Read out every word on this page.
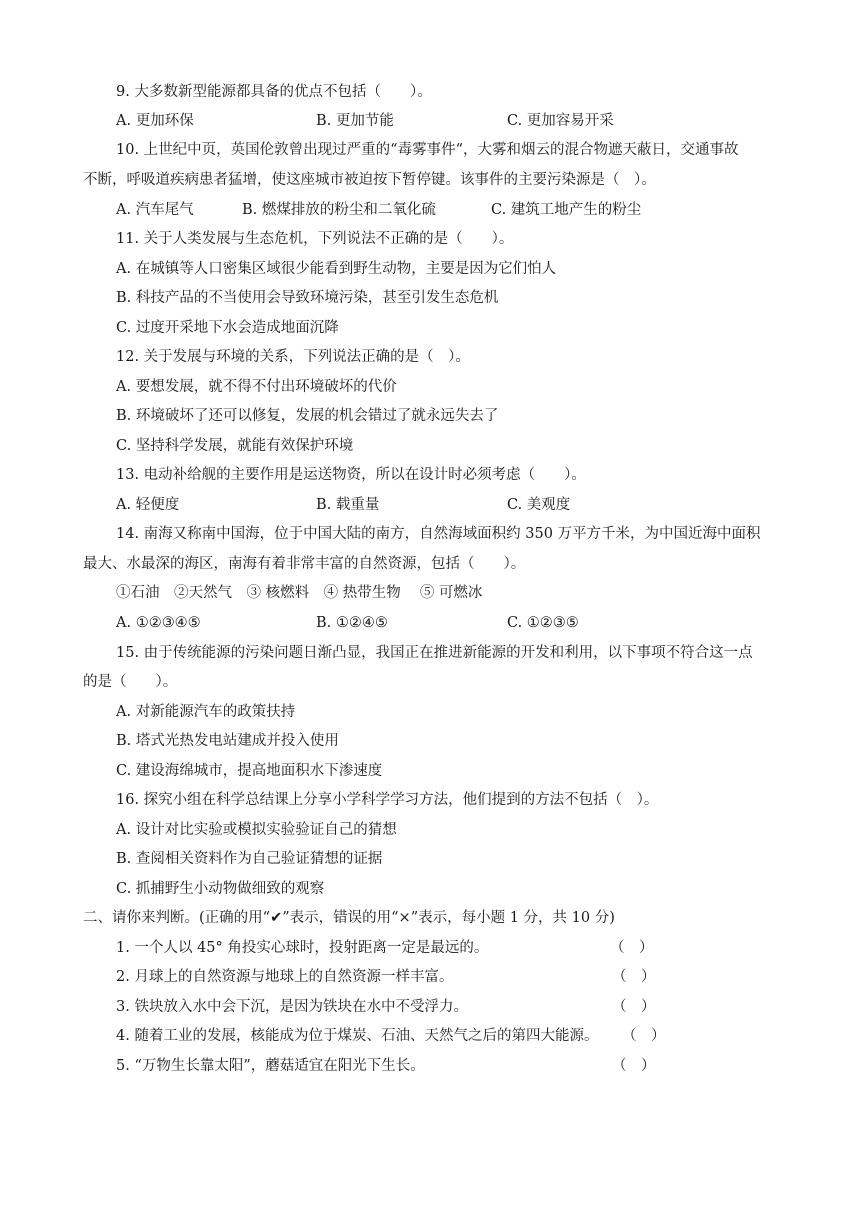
9. 大多数新型能源都具备的优点不包括（　　）。
A. 更加环保	B. 更加节能	C. 更加容易开采
10. 上世纪中页，英国伦敦曾出现过严重的“毒雾事件“，大雾和烟云的混合物遮天蔽日，交通事故
不断，呼吸道疾病患者猛增，使这座城市被迫按下暂停键。该事件的主要污染源是（　）。
A. 汽车尾气	B. 燃煤排放的粉尘和二氧化硫	C. 建筑工地产生的粉尘
11. 关于人类发展与生态危机，下列说法不正确的是（　　）。
A. 在城镇等人口密集区域很少能看到野生动物，主要是因为它们怕人
B. 科技产品的不当使用会导致环境污染，甚至引发生态危机
C. 过度开采地下水会造成地面沉降
12. 关于发展与环境的关系，下列说法正确的是（　）。
A. 要想发展，就不得不付出环境破坏的代价
B. 环境破坏了还可以修复，发展的机会错过了就永远失去了
C. 坚持科学发展，就能有效保护环境
13. 电动补给舰的主要作用是运送物资，所以在设计时必须考虑（　　）。
A. 轻便度	B. 载重量	C. 美观度
14. 南海又称南中国海，位于中国大陆的南方，自然海域面积约 350 万平方千米，为中国近海中面积
最大、水最深的海区，南海有着非常丰富的自然资源，包括（　　）。
①石油　②天然气　③ 核燃料　④ 热带生物　 ⑤ 可燃冰
A. ①②③④⑤	B. ①②④⑤	C. ①②③⑤
15. 由于传统能源的污染问题日渐凸显，我国正在推进新能源的开发和利用，以下事项不符合这一点
的是（　　）。
A. 对新能源汽车的政策扶持
B. 塔式光热发电站建成并投入使用
C. 建设海绵城市，提高地面积水下渗速度
16. 探究小组在科学总结课上分享小学科学学习方法，他们提到的方法不包括（　）。
A. 设计对比实验或模拟实验验证自己的猜想
B. 查阅相关资料作为自己验证猜想的证据
C. 抓捕野生小动物做细致的观察
二、请你来判断。(正确的用“✔”表示，错误的用“×”表示，每小题 1 分，共 10 分)
1. 一个人以 45° 角投实心球时，投射距离一定是最远的。	（　）
2. 月球上的自然资源与地球上的自然资源一样丰富。	（　）
3. 铁块放入水中会下沉，是因为铁块在水中不受浮力。	（　）
4. 随着工业的发展，核能成为位于煤炭、石油、天然气之后的第四大能源。 （　）
5. “万物生长靠太阳”，蘑菇适宜在阳光下生长。	（　）
